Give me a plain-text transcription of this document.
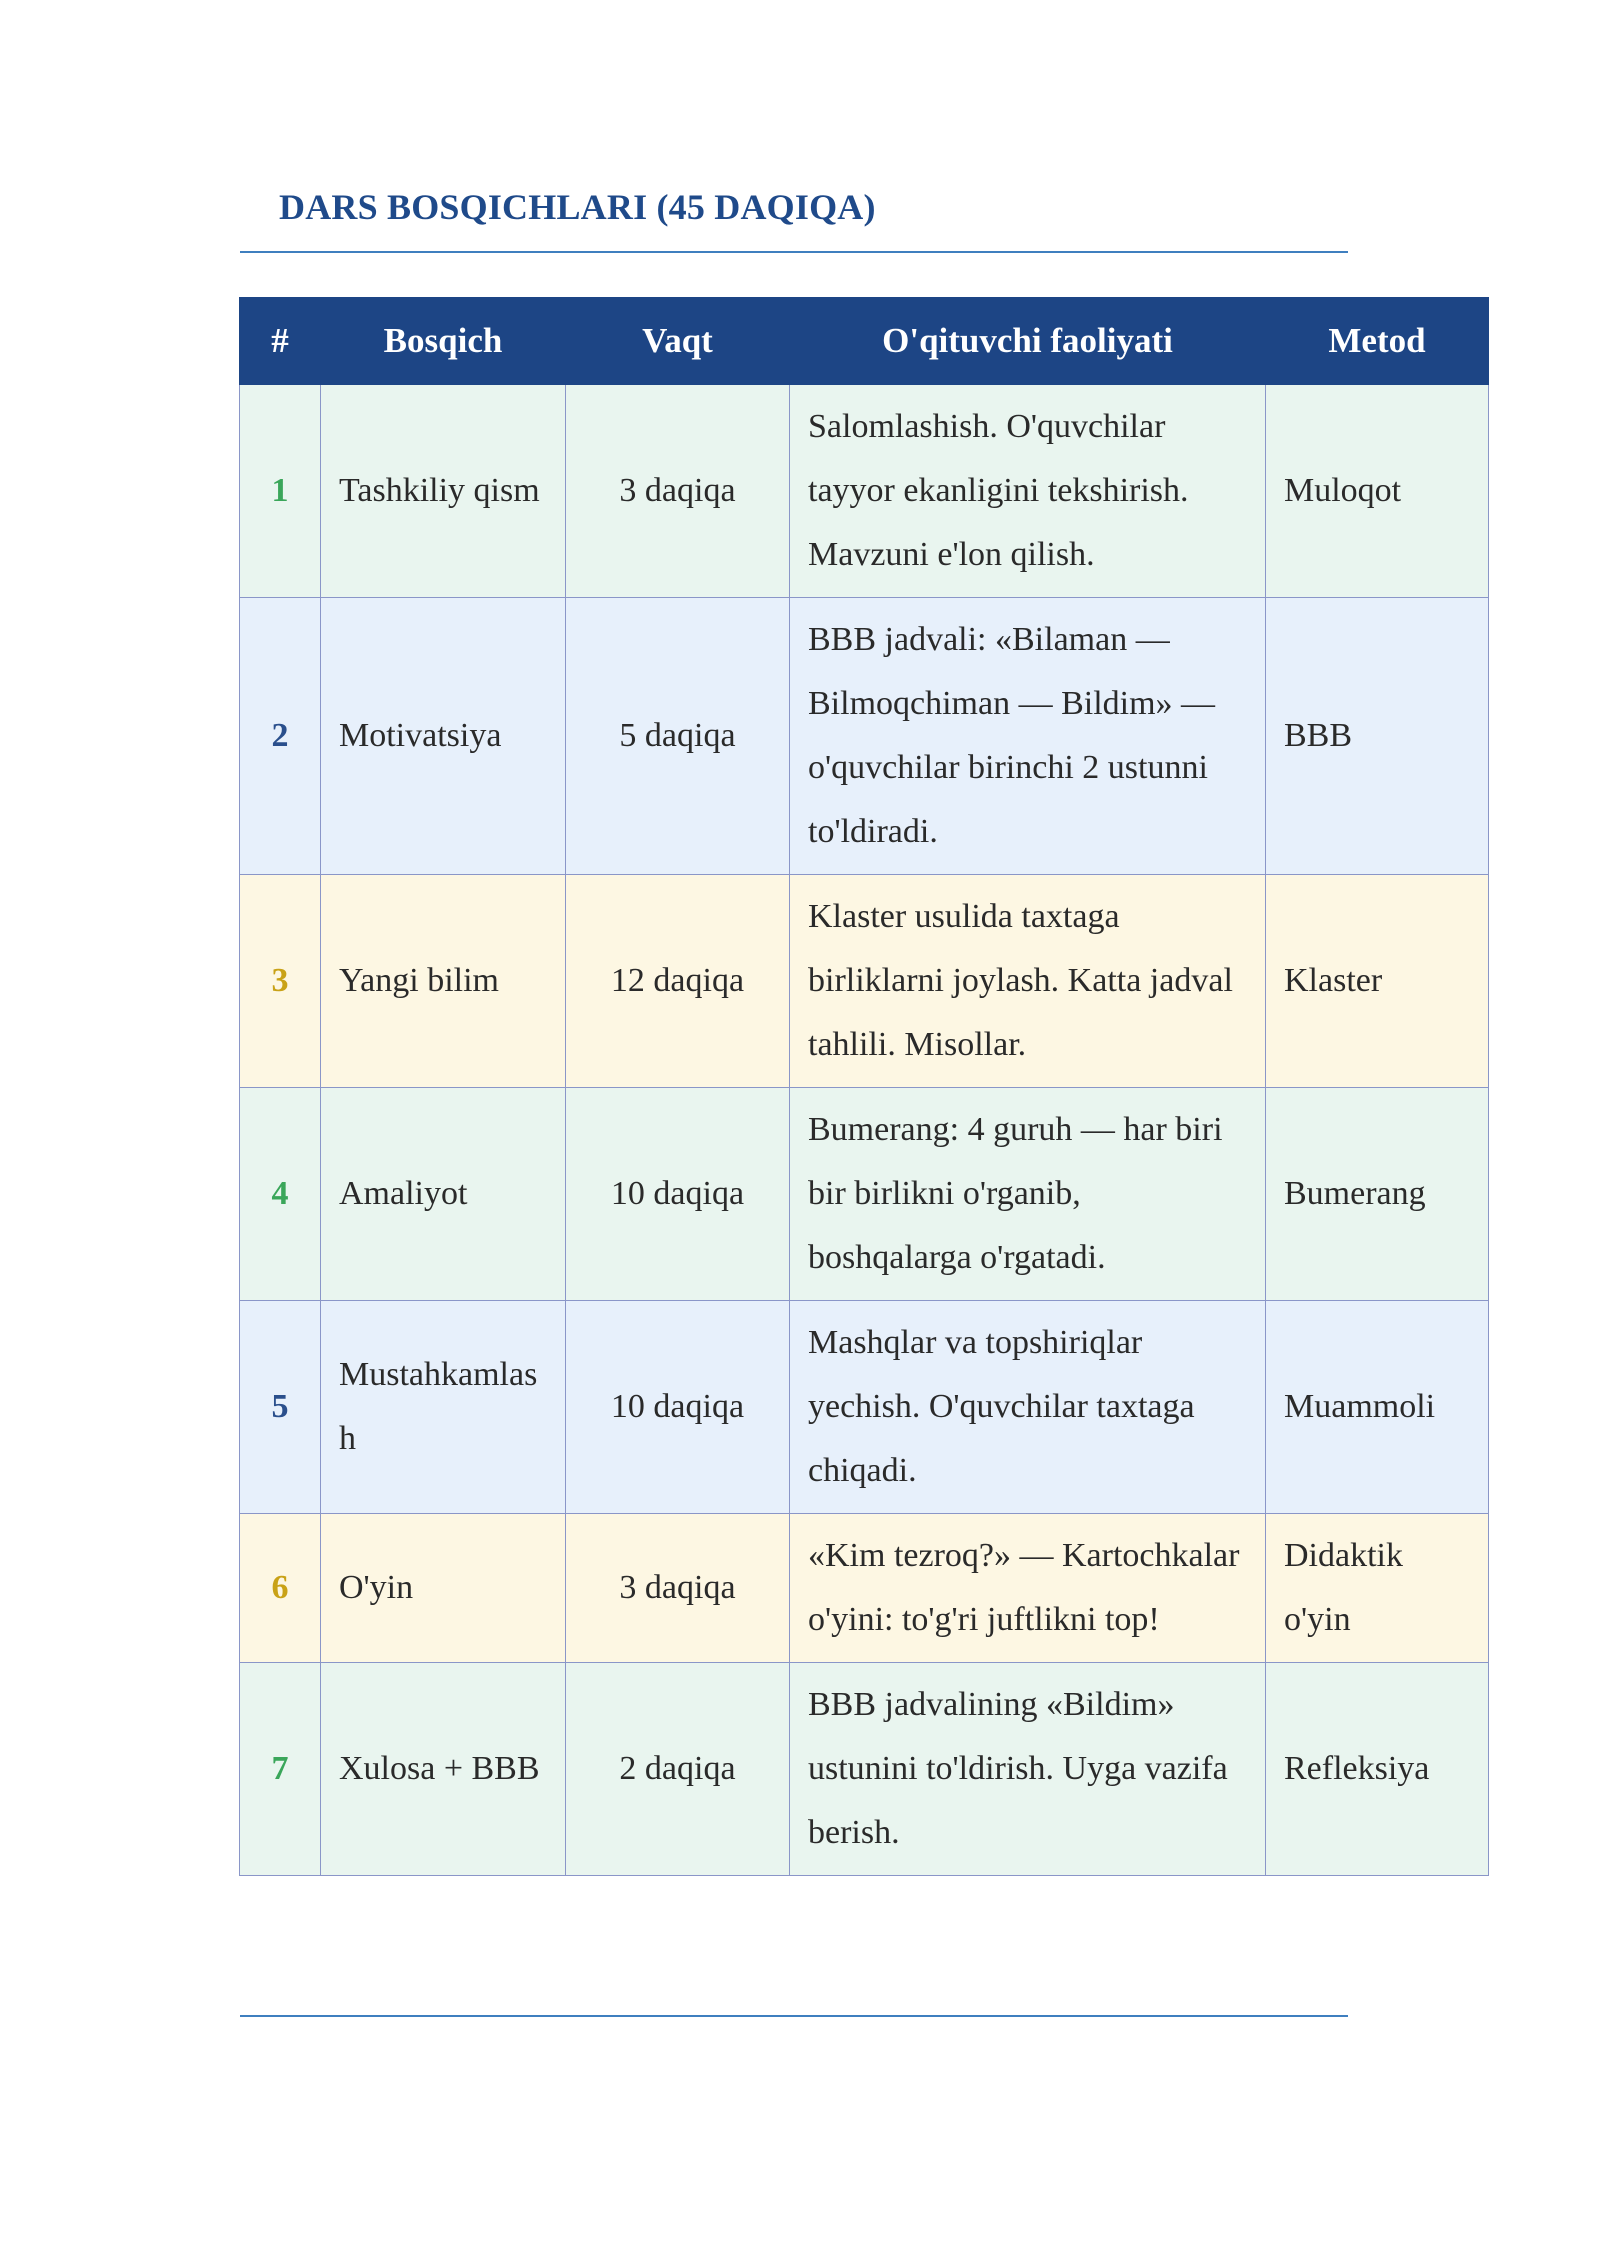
DARS BOSQICHLARI (45 DAQIQA)
#	Bosqich	Vaqt	O'qituvchi faoliyati	Metod
1	Tashkiliy qism	3 daqiqa	Salomlashish. O'quvchilar tayyor ekanligini tekshirish. Mavzuni e'lon qilish.	Muloqot
2	Motivatsiya	5 daqiqa	BBB jadvali: «Bilaman — Bilmoqchiman — Bildim» — o'quvchilar birinchi 2 ustunni to'ldiradi.	BBB
3	Yangi bilim	12 daqiqa	Klaster usulida taxtaga birliklarni joylash. Katta jadval tahlili. Misollar.	Klaster
4	Amaliyot	10 daqiqa	Bumerang: 4 guruh — har biri bir birlikni o'rganib, boshqalarga o'rgatadi.	Bumerang
5	Mustahkamlash	10 daqiqa	Mashqlar va topshiriqlar yechish. O'quvchilar taxtaga chiqadi.	Muammoli
6	O'yin	3 daqiqa	«Kim tezroq?» — Kartochkalar o'yini: to'g'ri juftlikni top!	Didaktik o'yin
7	Xulosa + BBB	2 daqiqa	BBB jadvalining «Bildim» ustunini to'ldirish. Uyga vazifa berish.	Refleksiya
